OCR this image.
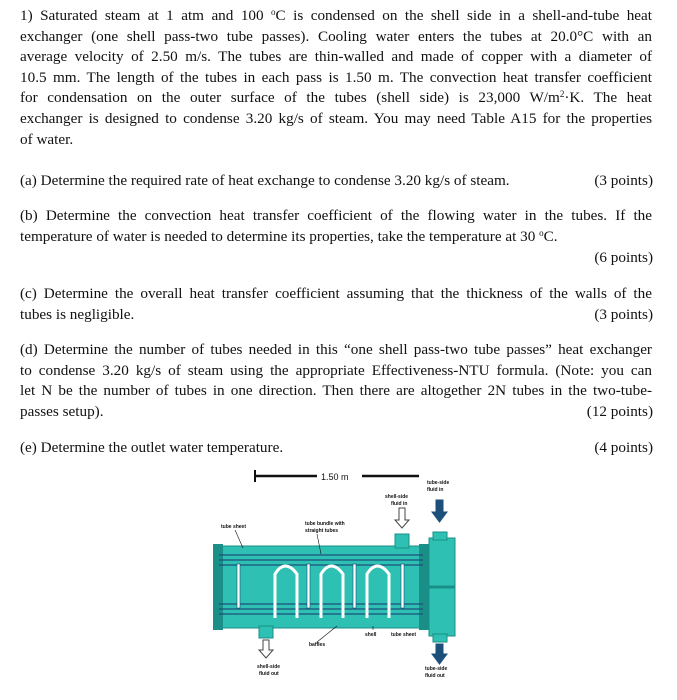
1) Saturated steam at 1 atm and 100 $^o$C is condensed on the shell side in a shell-and-tube heat
exchanger (one shell pass-two tube passes). Cooling water enters the tubes at 20.0°C with an
average velocity of 2.50 m/s. The tubes are thin-walled and made of copper with a diameter of
10.5 mm. The length of the tubes in each pass is 1.50 m. The convection heat transfer coefficient
for condensation on the outer surface of the tubes (shell side) is 23,000 $W/m^2\cdot K$. The heat
exchanger is designed to condense 3.20 kg/s of steam. You may need Table A15 for the properties
of water.
(a) Determine the required rate of heat exchange to condense 3.20 kg/s of steam.	(3 points)
(b) Determine the convection heat transfer coefficient of the flowing water in the tubes. If the
temperature of water is needed to determine its properties, take the temperature at 30 $^o$C.
(6 points)
(c) Determine the overall heat transfer coefficient assuming that the thickness of the walls of the
tubes is negligible.	(3 points)
(d) Determine the number of tubes needed in this “one shell pass-two tube passes” heat exchanger
to condense 3.20 kg/s of steam using the appropriate Effectiveness-NTU formula. (Note: you can
let N be the number of tubes in one direction. Then there are altogether 2N tubes in the two-tube-
passes setup).	(12 points)
(e) Determine the outlet water temperature.	(4 points)
1.50 m
tube sheet	tube bundle with
straight tubes
shell-side
fluid in
tube-side
fluid in
baffles
shell	tube sheet
shell-side
fluid out
tube-side
fluid out
